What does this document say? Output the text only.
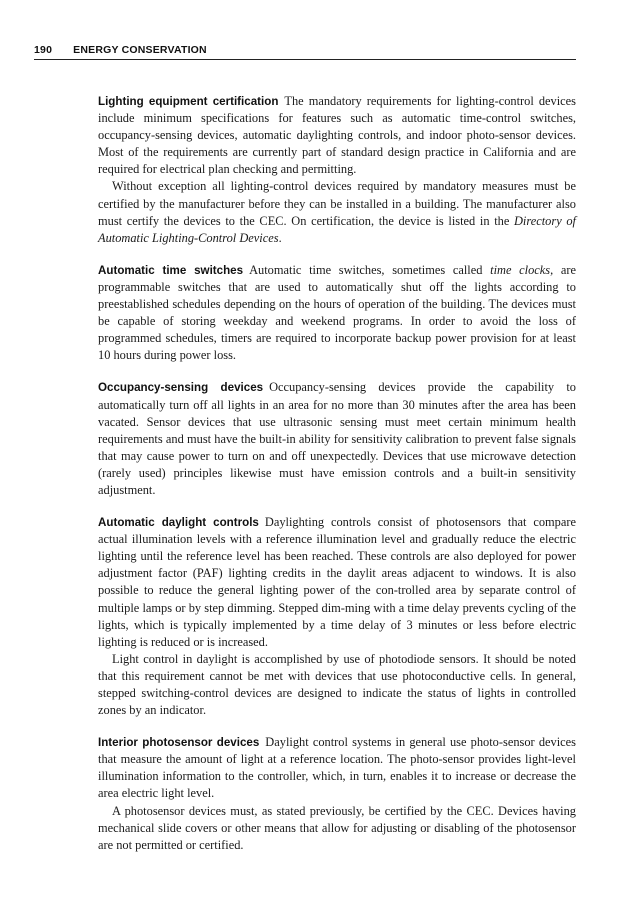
190 ENERGY CONSERVATION

Lighting equipment certification The mandatory requirements for lighting-control devices include minimum specifications for features such as automatic time-control switches, occupancy-sensing devices, automatic daylighting controls, and indoor photo-sensor devices. Most of the requirements are currently part of standard design practice in California and are required for electrical plan checking and permitting.

Without exception all lighting-control devices required by mandatory measures must be certified by the manufacturer before they can be installed in a building. The manufacturer also must certify the devices to the CEC. On certification, the device is listed in the Directory of Automatic Lighting-Control Devices.

Automatic time switches Automatic time switches, sometimes called time clocks, are programmable switches that are used to automatically shut off the lights according to preestablished schedules depending on the hours of operation of the building. The devices must be capable of storing weekday and weekend programs. In order to avoid the loss of programmed schedules, timers are required to incorporate backup power provision for at least 10 hours during power loss.

Occupancy-sensing devices Occupancy-sensing devices provide the capability to automatically turn off all lights in an area for no more than 30 minutes after the area has been vacated. Sensor devices that use ultrasonic sensing must meet certain minimum health requirements and must have the built-in ability for sensitivity calibration to prevent false signals that may cause power to turn on and off unexpectedly. Devices that use microwave detection (rarely used) principles likewise must have emission controls and a built-in sensitivity adjustment.

Automatic daylight controls Daylighting controls consist of photosensors that compare actual illumination levels with a reference illumination level and gradually reduce the electric lighting until the reference level has been reached. These controls are also deployed for power adjustment factor (PAF) lighting credits in the daylit areas adjacent to windows. It is also possible to reduce the general lighting power of the con-trolled area by separate control of multiple lamps or by step dimming. Stepped dim-ming with a time delay prevents cycling of the lights, which is typically implemented by a time delay of 3 minutes or less before electric lighting is reduced or is increased.

Light control in daylight is accomplished by use of photodiode sensors. It should be noted that this requirement cannot be met with devices that use photoconductive cells. In general, stepped switching-control devices are designed to indicate the status of lights in controlled zones by an indicator.

Interior photosensor devices Daylight control systems in general use photo-sensor devices that measure the amount of light at a reference location. The photo-sensor provides light-level illumination information to the controller, which, in turn, enables it to increase or decrease the area electric light level.

A photosensor devices must, as stated previously, be certified by the CEC. Devices having mechanical slide covers or other means that allow for adjusting or disabling of the photosensor are not permitted or certified.
